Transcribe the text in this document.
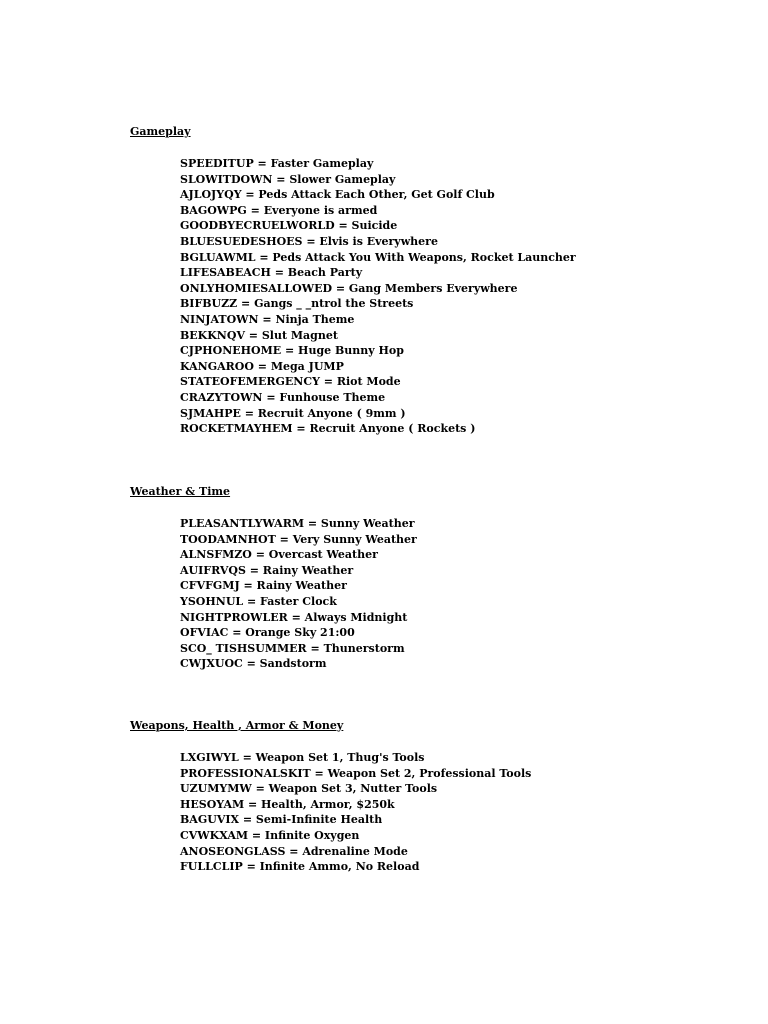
Gameplay
SPEEDITUP = Faster Gameplay
SLOWITDOWN = Slower Gameplay
AJLOJYQY = Peds Attack Each Other, Get Golf Club
BAGOWPG = Everyone is armed
GOODBYECRUELWORLD = Suicide
BLUESUEDESHOES = Elvis is Everywhere
BGLUAWML = Peds Attack You With Weapons, Rocket Launcher
LIFESABEACH = Beach Party
ONLYHOMIESALLOWED = Gang Members Everywhere
BIFBUZZ = Gangs _ _ntrol the Streets
NINJATOWN = Ninja Theme
BEKKNQV = Slut Magnet
CJPHONEHOME = Huge Bunny Hop
KANGAROO = Mega JUMP
STATEOFEMERGENCY = Riot Mode
CRAZYTOWN = Funhouse Theme
SJMAHPE = Recruit Anyone ( 9mm )
ROCKETMAYHEM = Recruit Anyone ( Rockets )
Weather & Time
PLEASANTLYWARM = Sunny Weather
TOODAMNHOT = Very Sunny Weather
ALNSFMZO = Overcast Weather
AUIFRVQS = Rainy Weather
CFVFGMJ = Rainy Weather
YSOHNUL = Faster Clock
NIGHTPROWLER = Always Midnight
OFVIAC = Orange Sky 21:00
SCO_ TISHSUMMER = Thunerstorm
CWJXUOC = Sandstorm
Weapons, Health , Armor & Money
LXGIWYL = Weapon Set 1, Thug's Tools
PROFESSIONALSKIT = Weapon Set 2, Professional Tools
UZUMYMW = Weapon Set 3, Nutter Tools
HESOYAM = Health, Armor, $250k
BAGUVIX = Semi-Infinite Health
CVWKXAM = Infinite Oxygen
ANOSEONGLASS = Adrenaline Mode
FULLCLIP = Infinite Ammo, No Reload
